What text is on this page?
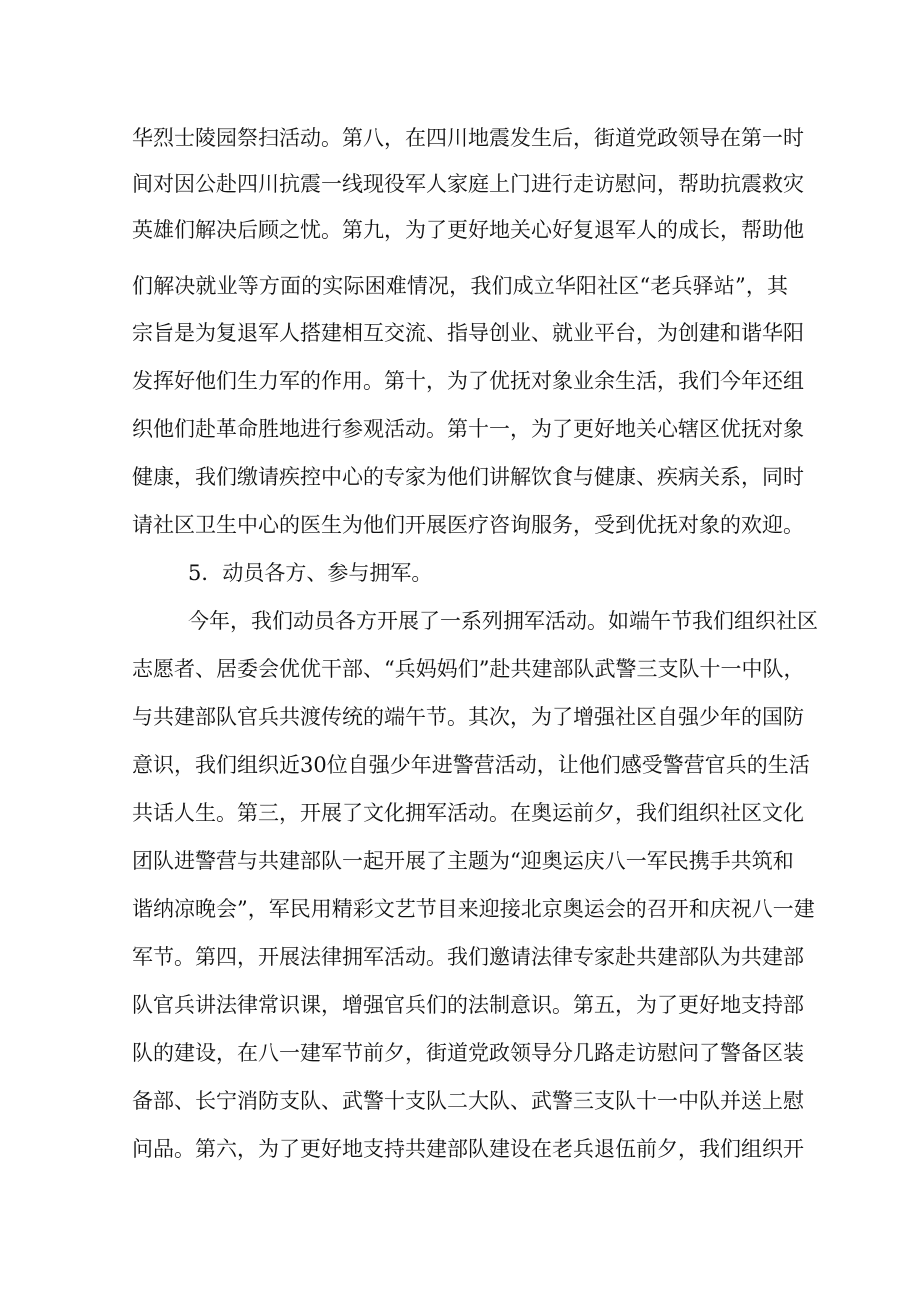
华烈士陵园祭扫活动。第八，在四川地震发生后，街道党政领导在第一时
间对因公赴四川抗震一线现役军人家庭上门进行走访慰问，帮助抗震救灾
英雄们解决后顾之忧。第九，为了更好地关心好复退军人的成长，帮助他
们解决就业等方面的实际困难情况，我们成立华阳社区“老兵驿站”，其
宗旨是为复退军人搭建相互交流、指导创业、就业平台，为创建和谐华阳
发挥好他们生力军的作用。第十，为了优抚对象业余生活，我们今年还组
织他们赴革命胜地进行参观活动。第十一，为了更好地关心辖区优抚对象
健康，我们缴请疾控中心的专家为他们讲解饮食与健康、疾病关系，同时
请社区卫生中心的医生为他们开展医疗咨询服务，受到优抚对象的欢迎。
5．动员各方、参与拥军。
今年，我们动员各方开展了一系列拥军活动。如端午节我们组织社区
志愿者、居委会优优干部、“兵妈妈们”赴共建部队武警三支队十一中队，
与共建部队官兵共渡传统的端午节。其次，为了增强社区自强少年的国防
意识，我们组织近30位自强少年进警营活动，让他们感受警营官兵的生活
共话人生。第三，开展了文化拥军活动。在奥运前夕，我们组织社区文化
团队进警营与共建部队一起开展了主题为“迎奥运庆八一军民携手共筑和
谐纳凉晚会”，军民用精彩文艺节目来迎接北京奥运会的召开和庆祝八一建
军节。第四，开展法律拥军活动。我们邀请法律专家赴共建部队为共建部
队官兵讲法律常识课，增强官兵们的法制意识。第五，为了更好地支持部
队的建设，在八一建军节前夕，街道党政领导分几路走访慰问了警备区装
备部、长宁消防支队、武警十支队二大队、武警三支队十一中队并送上慰
问品。第六，为了更好地支持共建部队建设在老兵退伍前夕，我们组织开
